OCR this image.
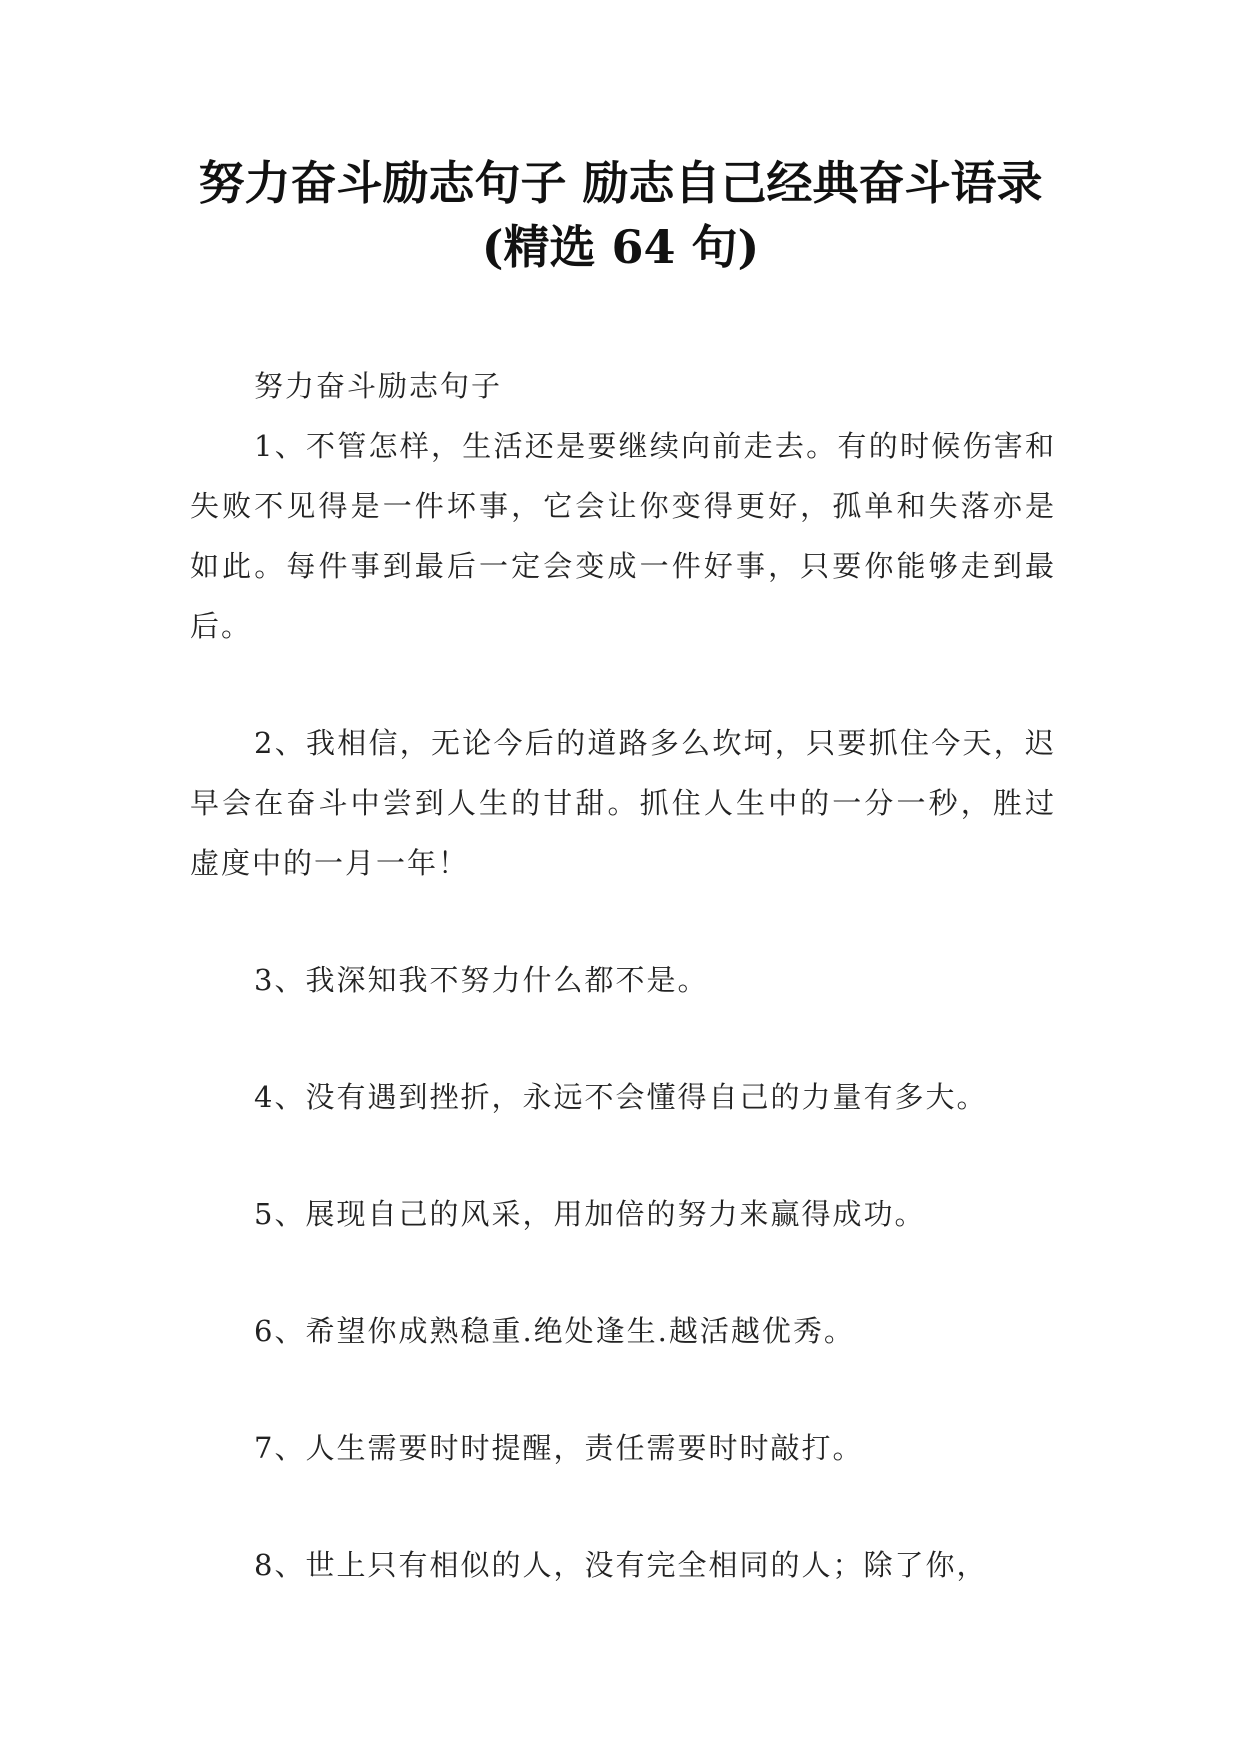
努力奋斗励志句子 励志自己经典奋斗语录
(精选 64 句)

努力奋斗励志句子

1、不管怎样，生活还是要继续向前走去。有的时候伤害和失败不见得是一件坏事，它会让你变得更好，孤单和失落亦是如此。每件事到最后一定会变成一件好事，只要你能够走到最后。

2、我相信，无论今后的道路多么坎坷，只要抓住今天，迟早会在奋斗中尝到人生的甘甜。抓住人生中的一分一秒，胜过虚度中的一月一年！

3、我深知我不努力什么都不是。

4、没有遇到挫折，永远不会懂得自己的力量有多大。

5、展现自己的风采，用加倍的努力来赢得成功。

6、希望你成熟稳重.绝处逢生.越活越优秀。

7、人生需要时时提醒，责任需要时时敲打。

8、世上只有相似的人，没有完全相同的人；除了你，
